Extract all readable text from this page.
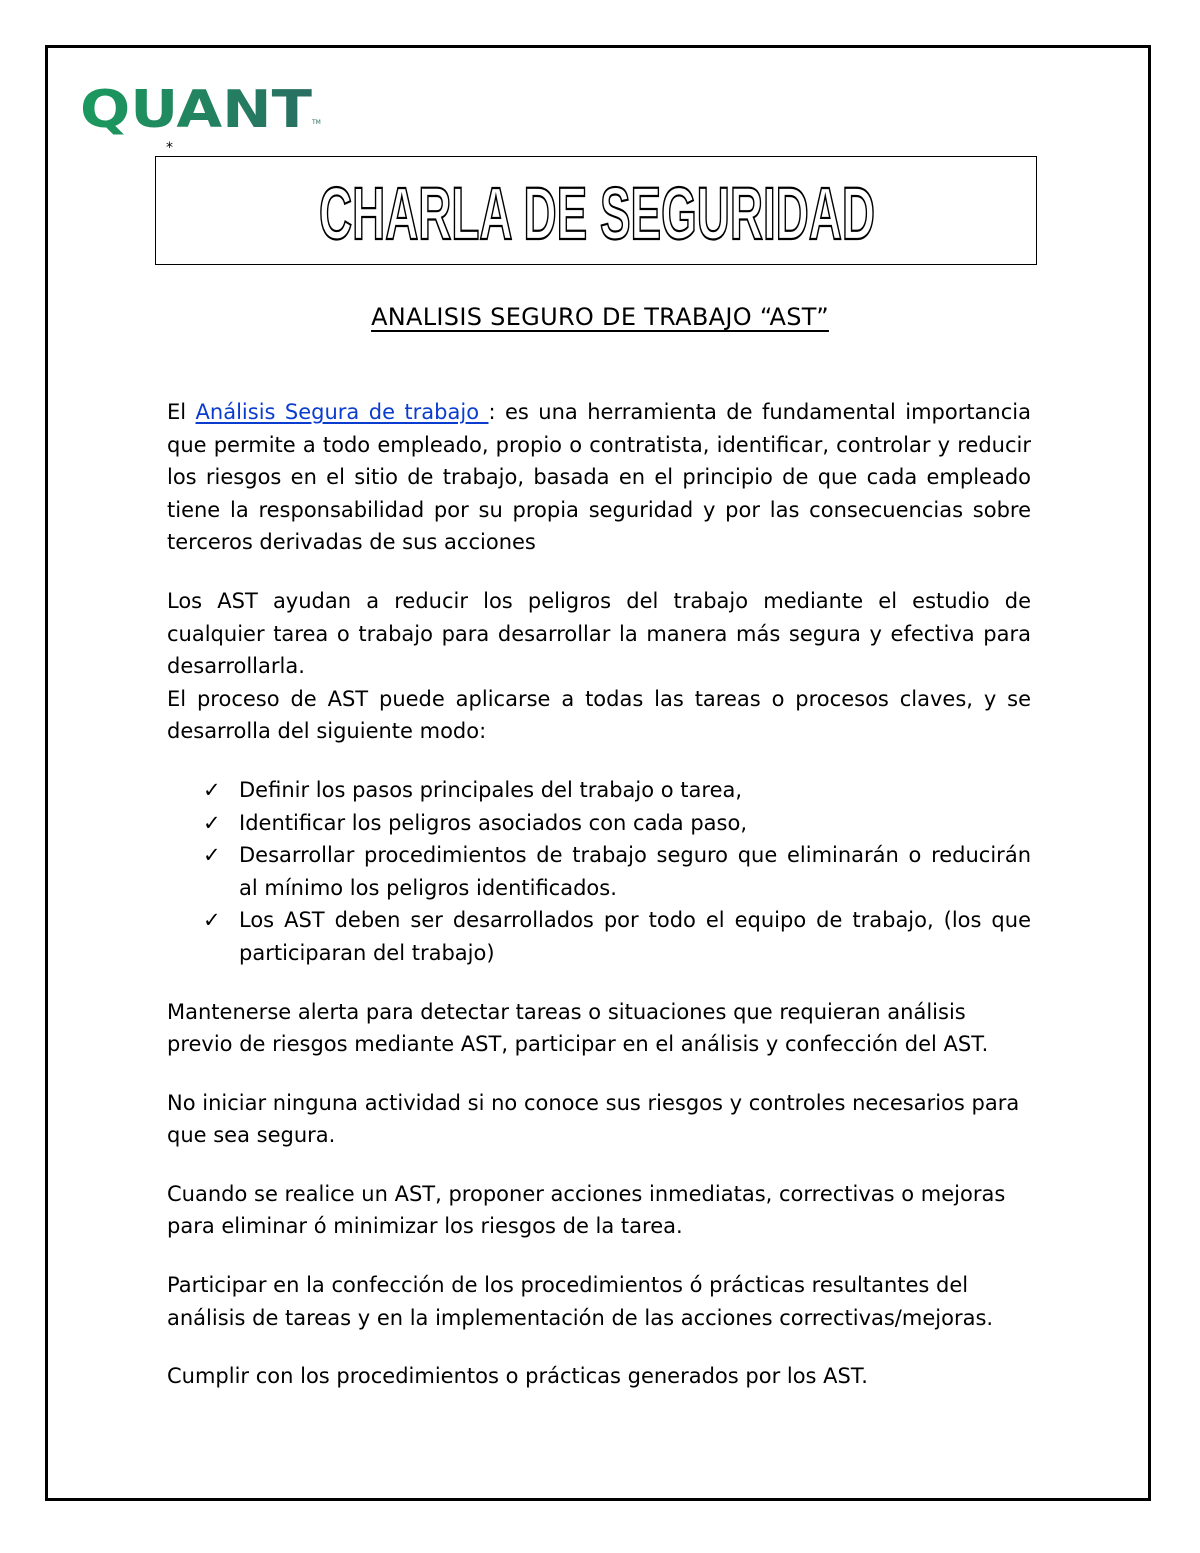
QUANT TM
*
CHARLA DE SEGURIDAD
ANALISIS SEGURO DE TRABAJO “AST”

El Análisis Segura de trabajo : es una herramienta de fundamental importancia que permite a todo empleado, propio o contratista, identificar, controlar y reducir los riesgos en el sitio de trabajo, basada en el principio de que cada empleado tiene la responsabilidad por su propia seguridad y por las consecuencias sobre terceros derivadas de sus acciones

Los AST ayudan a reducir los peligros del trabajo mediante el estudio de cualquier tarea o trabajo para desarrollar la manera más segura y efectiva para desarrollarla.

El proceso de AST puede aplicarse a todas las tareas o procesos claves, y se desarrolla del siguiente modo:

✓ Definir los pasos principales del trabajo o tarea,
✓ Identificar los peligros asociados con cada paso,
✓ Desarrollar procedimientos de trabajo seguro que eliminarán o reducirán al mínimo los peligros identificados.
✓ Los AST deben ser desarrollados por todo el equipo de trabajo, (los que participaran del trabajo)

Mantenerse alerta para detectar tareas o situaciones que requieran análisis previo de riesgos mediante AST, participar en el análisis y confección del AST.

No iniciar ninguna actividad si no conoce sus riesgos y controles necesarios para que sea segura.

Cuando se realice un AST, proponer acciones inmediatas, correctivas o mejoras para eliminar ó minimizar los riesgos de la tarea.

Participar en la confección de los procedimientos ó prácticas resultantes del análisis de tareas y en la implementación de las acciones correctivas/mejoras.

Cumplir con los procedimientos o prácticas generados por los AST.
